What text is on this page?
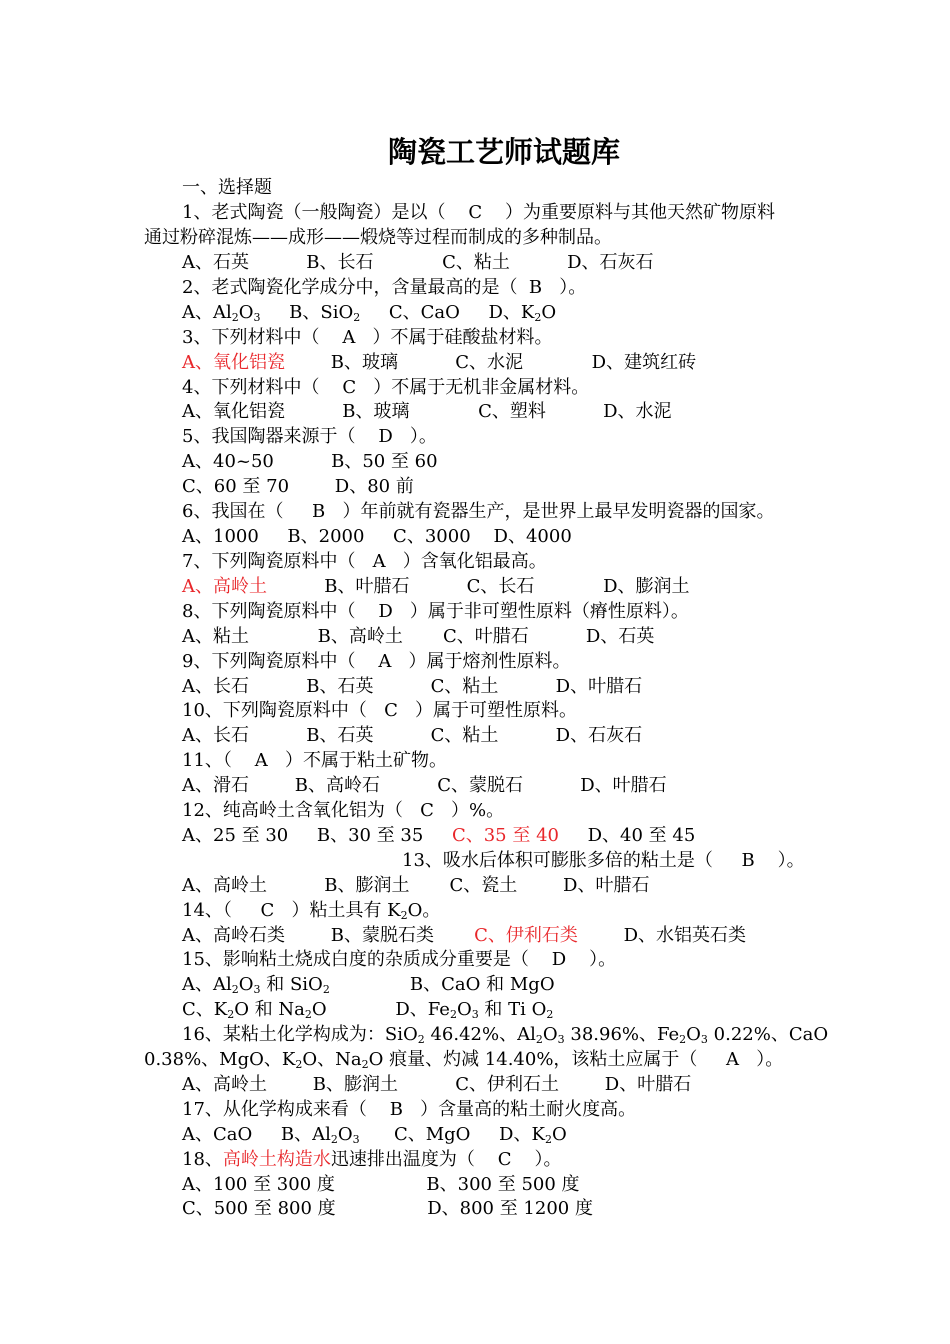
陶瓷工艺师试题库
一、选择题
1、老式陶瓷（一般陶瓷）是以（    C    ）为重要原料与其他天然矿物原料
通过粉碎混炼——成形——煅烧等过程而制成的多种制品。
A、石英          B、长石            C、粘土          D、石灰石
2、老式陶瓷化学成分中，含量最高的是（  B   ）。
A、$Al_2O_3$     B、SiO$_2$     C、CaO     D、$K_2O$
3、下列材料中（    A   ）不属于硅酸盐材料。
A、氧化铝瓷        B、玻璃          C、水泥            D、建筑红砖
4、下列材料中（    C   ）不属于无机非金属材料。
A、氧化铝瓷          B、玻璃            C、塑料          D、水泥
5、我国陶器来源于（    D   ）。
A、40~50          B、50 至 60
C、60 至 70        D、80 前
6、我国在（     B   ）年前就有瓷器生产，是世界上最早发明瓷器的国家。
A、1000     B、2000     C、3000    D、4000
7、下列陶瓷原料中（   A   ）含氧化铝最高。
A、高岭土          B、叶腊石          C、长石            D、膨润土
8、下列陶瓷原料中（    D   ）属于非可塑性原料（瘠性原料）。
A、粘土            B、高岭土       C、叶腊石          D、石英
9、下列陶瓷原料中（    A   ）属于熔剂性原料。
A、长石          B、石英          C、粘土          D、叶腊石
10、下列陶瓷原料中（   C   ）属于可塑性原料。
A、长石          B、石英          C、粘土          D、石灰石
11、（    A   ）不属于粘土矿物。
A、滑石        B、高岭石          C、蒙脱石          D、叶腊石
12、纯高岭土含氧化铝为（   C   ）%。
A、25 至 30     B、30 至 35     C、35 至 40     D、40 至 45
13、吸水后体积可膨胀多倍的粘土是（     B    ）。
A、高岭土          B、膨润土       C、瓷土        D、叶腊石
14、（     C   ）粘土具有 $K_2O$。
A、高岭石类        B、蒙脱石类       C、伊利石类        D、水铝英石类
15、影响粘土烧成白度的杂质成分重要是（    D    ）。
A、$Al_2O_3$ 和 SiO$_2$              B、CaO 和 MgO
C、$K_2O$ 和 $Na_2O$            D、$Fe_2O_3$ 和 Ti $O_2$
16、某粘土化学构成为：SiO$_2$ 46.42%、$Al_2O_3$ 38.96%、$Fe_2O_3$ 0.22%、CaO
0.38%、MgO、$K_2O$、$Na_2O$ 痕量、灼减 14.40%，该粘土应属于（     A   ）。
A、高岭土        B、膨润土          C、伊利石土        D、叶腊石
17、从化学构成来看（    B   ）含量高的粘土耐火度高。
A、CaO     B、$Al_2O_3$      C、MgO     D、$K_2O$
18、高岭土构造水迅速排出温度为（    C    ）。
A、100 至 300 度                B、300 至 500 度
C、500 至 800 度                D、800 至 1200 度
